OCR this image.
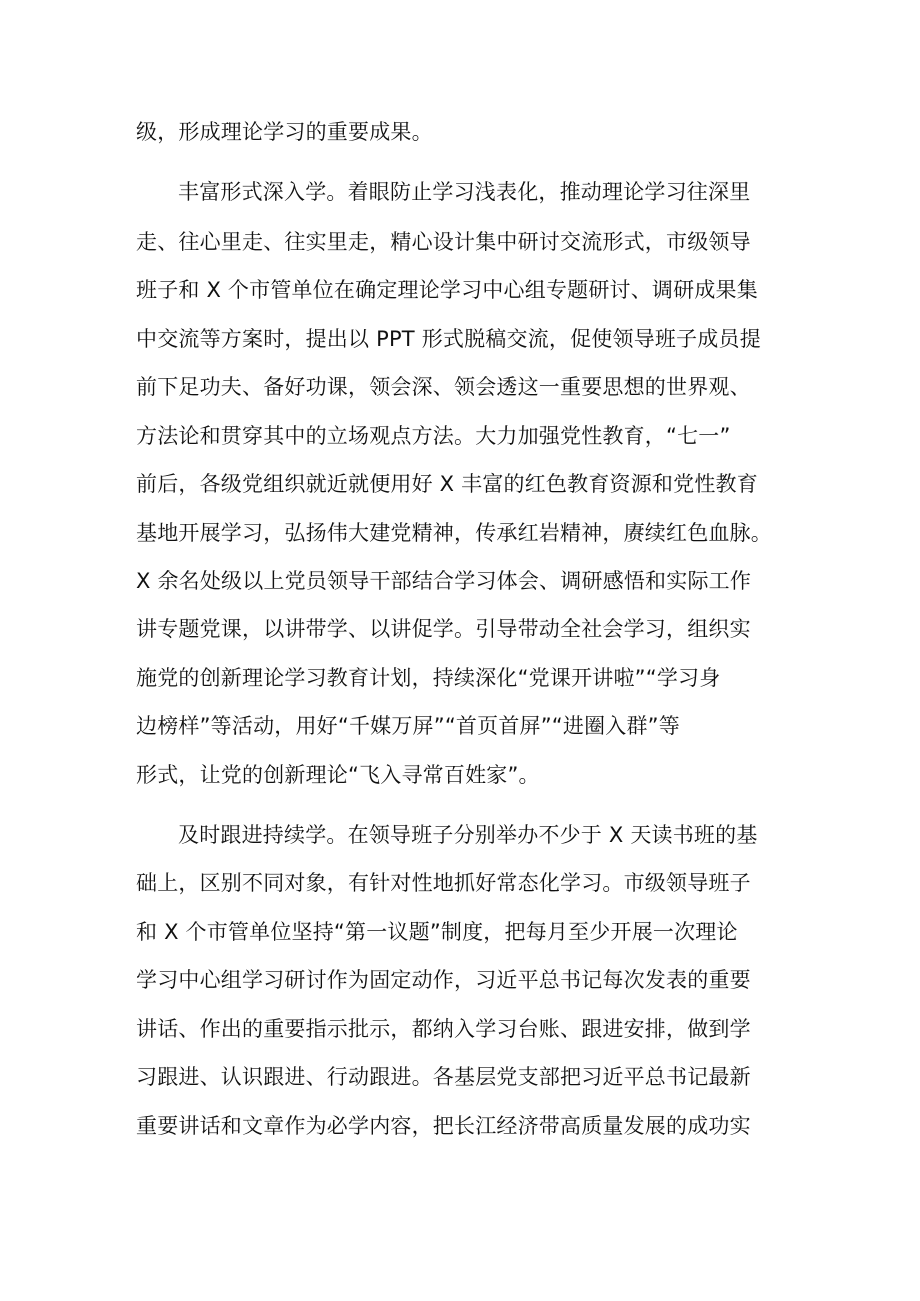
级，形成理论学习的重要成果。
丰富形式深入学。着眼防止学习浅表化，推动理论学习往深里
走、往心里走、往实里走，精心设计集中研讨交流形式，市级领导
班子和 X 个市管单位在确定理论学习中心组专题研讨、调研成果集
中交流等方案时，提出以 PPT 形式脱稿交流，促使领导班子成员提
前下足功夫、备好功课，领会深、领会透这一重要思想的世界观、
方法论和贯穿其中的立场观点方法。大力加强党性教育，“七一”
前后，各级党组织就近就便用好 X 丰富的红色教育资源和党性教育
基地开展学习，弘扬伟大建党精神，传承红岩精神，赓续红色血脉。
X 余名处级以上党员领导干部结合学习体会、调研感悟和实际工作
讲专题党课，以讲带学、以讲促学。引导带动全社会学习，组织实
施党的创新理论学习教育计划，持续深化“党课开讲啦”“学习身
边榜样”等活动，用好“千媒万屏”“首页首屏”“进圈入群”等
形式，让党的创新理论“飞入寻常百姓家”。
及时跟进持续学。在领导班子分别举办不少于 X 天读书班的基
础上，区别不同对象，有针对性地抓好常态化学习。市级领导班子
和 X 个市管单位坚持“第一议题”制度，把每月至少开展一次理论
学习中心组学习研讨作为固定动作，习近平总书记每次发表的重要
讲话、作出的重要指示批示，都纳入学习台账、跟进安排，做到学
习跟进、认识跟进、行动跟进。各基层党支部把习近平总书记最新
重要讲话和文章作为必学内容，把长江经济带高质量发展的成功实
